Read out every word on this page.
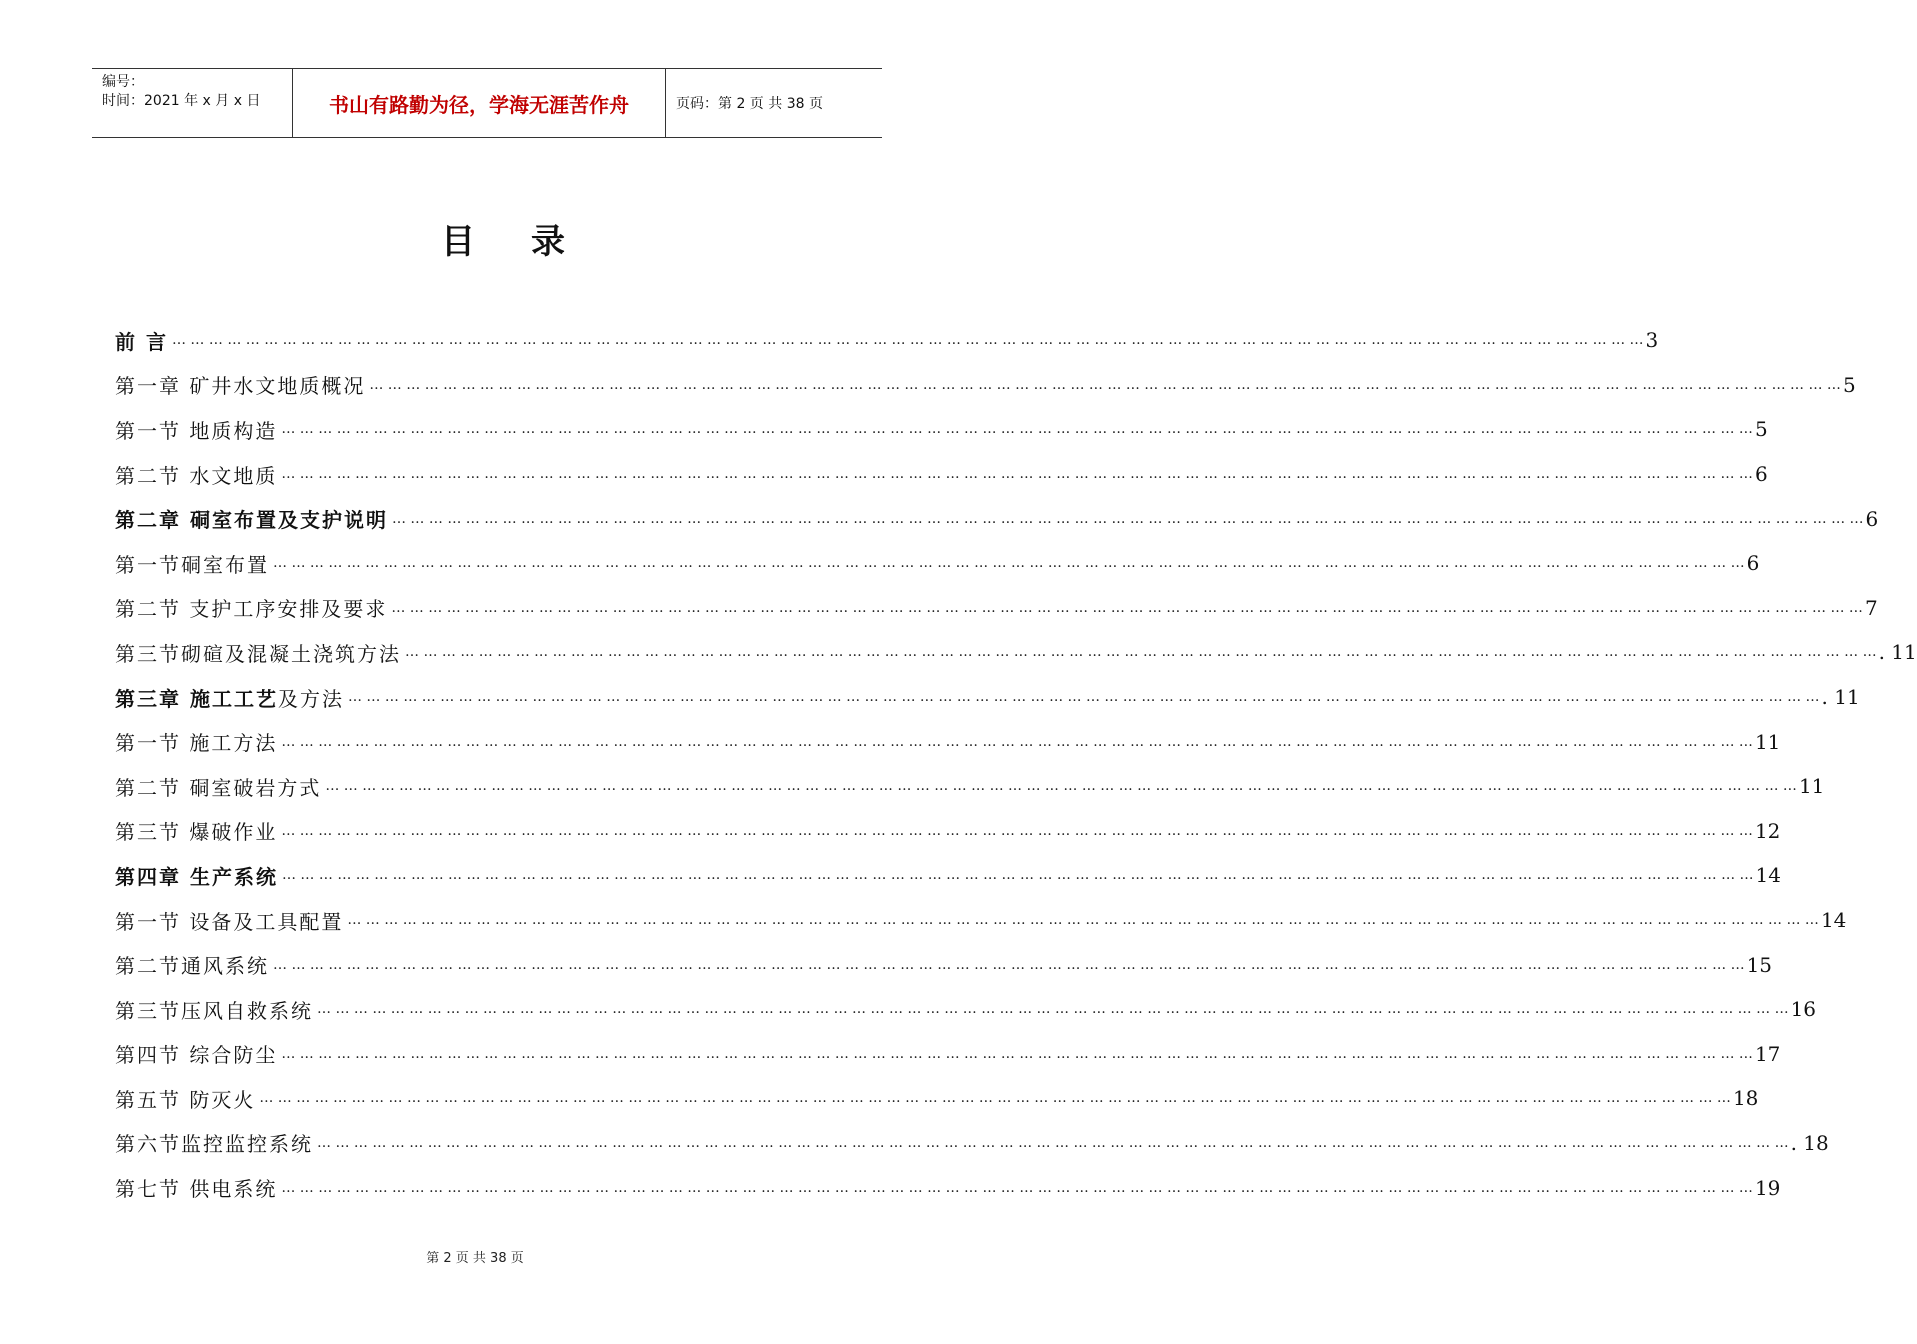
编号：
时间：2021 年 x 月 x 日	书山有路勤为径，学海无涯苦作舟	页码：第 2 页 共 38 页
目录
前 言 … … … … … … … … … … … … … … … … … … … … … … … … … … … … … … … … … … … … … … … … … … … … … … … … … … … … … … … … … … … … … … … … … … … … … … … … … … … … … … … … 3
第一章 矿井水文地质概况 … … … … … … … … … … … … … … … … … … … … … … … … … … … … … … … … … … … … … … … … … … … … … … … … … … … … … … … … … … … … … … … … … … … … … … … … … … … … … … … … 5
第一节 地质构造 … … … … … … … … … … … … … … … … … … … … … … … … … … … … … … … … … … … … … … … … … … … … … … … … … … … … … … … … … … … … … … … … … … … … … … … … … … … … … … … … 5
第二节 水文地质 … … … … … … … … … … … … … … … … … … … … … … … … … … … … … … … … … … … … … … … … … … … … … … … … … … … … … … … … … … … … … … … … … … … … … … … … … … … … … … … … 6
第二章 硐室布置及支护说明 … … … … … … … … … … … … … … … … … … … … … … … … … … … … … … … … … … … … … … … … … … … … … … … … … … … … … … … … … … … … … … … … … … … … … … … … … … … … … … … … 6
第一节硐室布置 … … … … … … … … … … … … … … … … … … … … … … … … … … … … … … … … … … … … … … … … … … … … … … … … … … … … … … … … … … … … … … … … … … … … … … … … … … … … … … … … 6
第二节 支护工序安排及要求 … … … … … … … … … … … … … … … … … … … … … … … … … … … … … … … … … … … … … … … … … … … … … … … … … … … … … … … … … … … … … … … … … … … … … … … … … … … … … … … … 7
第三节砌碹及混凝土浇筑方法 … … … … … … … … … … … … … … … … … … … … … … … … … … … … … … … … … … … … … … … … … … … … … … … … … … … … … … … … … … … … … … … … … … … … … … … … … … … … … … … … . 11
第三章 施工工艺及方法 … … … … … … … … … … … … … … … … … … … … … … … … … … … … … … … … … … … … … … … … … … … … … … … … … … … … … … … … … … … … … … … … … … … … … … … … … … … … … … … … . 11
第一节 施工方法 … … … … … … … … … … … … … … … … … … … … … … … … … … … … … … … … … … … … … … … … … … … … … … … … … … … … … … … … … … … … … … … … … … … … … … … … … … … … … … … … 11
第二节 硐室破岩方式 … … … … … … … … … … … … … … … … … … … … … … … … … … … … … … … … … … … … … … … … … … … … … … … … … … … … … … … … … … … … … … … … … … … … … … … … … … … … … … … … 11
第三节 爆破作业 … … … … … … … … … … … … … … … … … … … … … … … … … … … … … … … … … … … … … … … … … … … … … … … … … … … … … … … … … … … … … … … … … … … … … … … … … … … … … … … … 12
第四章 生产系统 … … … … … … … … … … … … … … … … … … … … … … … … … … … … … … … … … … … … … … … … … … … … … … … … … … … … … … … … … … … … … … … … … … … … … … … … … … … … … … … … 14
第一节 设备及工具配置 … … … … … … … … … … … … … … … … … … … … … … … … … … … … … … … … … … … … … … … … … … … … … … … … … … … … … … … … … … … … … … … … … … … … … … … … … … … … … … … … 14
第二节通风系统 … … … … … … … … … … … … … … … … … … … … … … … … … … … … … … … … … … … … … … … … … … … … … … … … … … … … … … … … … … … … … … … … … … … … … … … … … … … … … … … … 15
第三节压风自救系统 … … … … … … … … … … … … … … … … … … … … … … … … … … … … … … … … … … … … … … … … … … … … … … … … … … … … … … … … … … … … … … … … … … … … … … … … … … … … … … … … 16
第四节 综合防尘 … … … … … … … … … … … … … … … … … … … … … … … … … … … … … … … … … … … … … … … … … … … … … … … … … … … … … … … … … … … … … … … … … … … … … … … … … … … … … … … … 17
第五节 防灭火 … … … … … … … … … … … … … … … … … … … … … … … … … … … … … … … … … … … … … … … … … … … … … … … … … … … … … … … … … … … … … … … … … … … … … … … … … … … … … … … … 18
第六节监控监控系统 … … … … … … … … … … … … … … … … … … … … … … … … … … … … … … … … … … … … … … … … … … … … … … … … … … … … … … … … … … … … … … … … … … … … … … … … … … … … … … … … . 18
第七节 供电系统 … … … … … … … … … … … … … … … … … … … … … … … … … … … … … … … … … … … … … … … … … … … … … … … … … … … … … … … … … … … … … … … … … … … … … … … … … … … … … … … … 19
第 2 页 共 38 页
